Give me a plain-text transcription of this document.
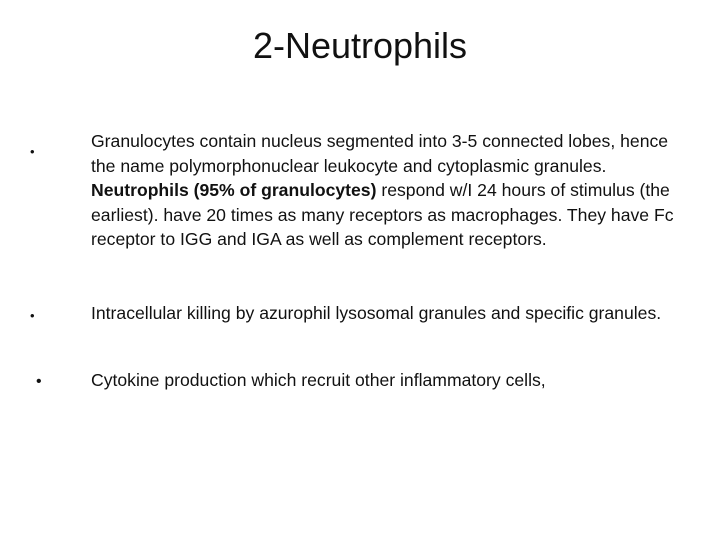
2-Neutrophils
•
Granulocytes contain nucleus segmented into 3-5 connected lobes, hence the name polymorphonuclear leukocyte and cytoplasmic granules. Neutrophils (95% of granulocytes) respond w/I 24 hours of stimulus (the earliest). have 20 times as many receptors as macrophages. They have Fc receptor to IGG and IGA as well as complement receptors.
•	Intracellular killing by azurophil lysosomal granules and specific granules.
•	Cytokine production which recruit other inflammatory cells,
